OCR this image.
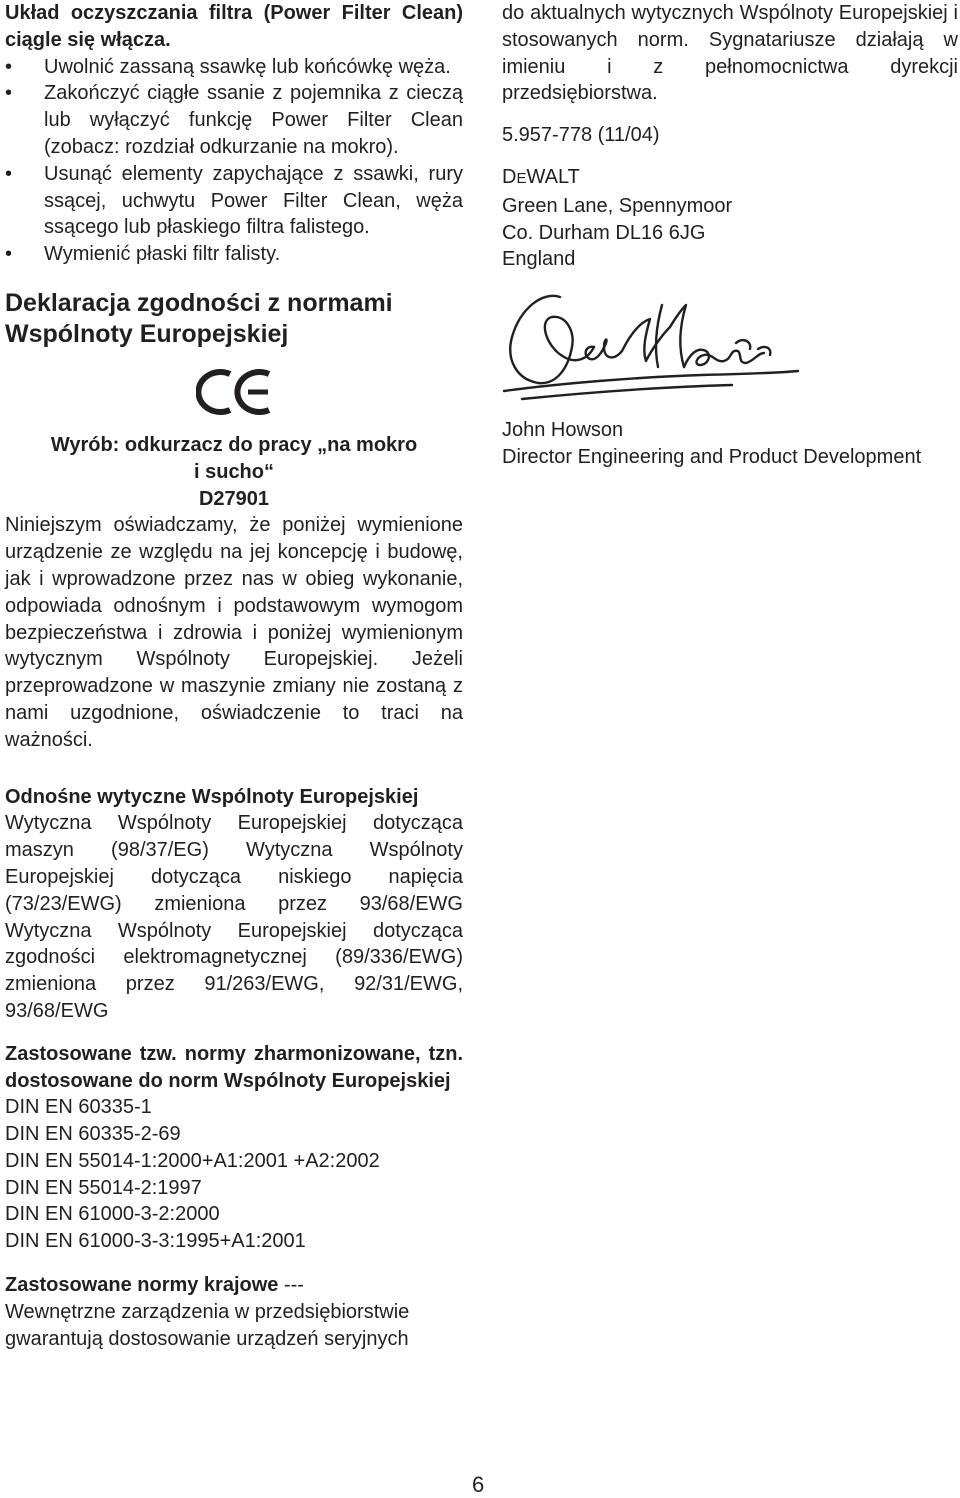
Układ oczyszczania filtra (Power Filter Clean) ciągle się włącza.

• Uwolnić zassaną ssawkę lub końcówkę węża.
• Zakończyć ciągłe ssanie z pojemnika z cieczą lub wyłączyć funkcję Power Filter Clean (zobacz: rozdział odkurzanie na mokro).
• Usunąć elementy zapychające z ssawki, rury ssącej, uchwytu Power Filter Clean, węża ssącego lub płaskiego filtra falistego.
• Wymienić płaski filtr falisty.
Deklaracja zgodności z normami Wspólnoty Europejskiej
Wyrób: odkurzacz do pracy „na mokro
i sucho“
D27901

Niniejszym oświadczamy, że poniżej wymienione urządzenie ze względu na jej koncepcję i budowę, jak i wprowadzone przez nas w obieg wykonanie, odpowiada odnośnym i podstawowym wymogom bezpieczeństwa i zdrowia i poniżej wymienionym wytycznym Wspólnoty Europejskiej. Jeżeli przeprowadzone w maszynie zmiany nie zostaną z nami uzgodnione, oświadczenie to traci na ważności.

Odnośne wytyczne Wspólnoty Europejskiej

Wytyczna Wspólnoty Europejskiej dotycząca maszyn (98/37/EG) Wytyczna Wspólnoty Europejskiej dotycząca niskiego napięcia (73/23/EWG) zmieniona przez 93/68/EWG Wytyczna Wspólnoty Europejskiej dotycząca zgodności elektromagnetycznej (89/336/EWG) zmieniona przez 91/263/EWG, 92/31/EWG, 93/68/EWG

Zastosowane tzw. normy zharmonizowane, tzn. dostosowane do norm Wspólnoty Europejskiej

DIN EN 60335-1
DIN EN 60335-2-69
DIN EN 55014-1:2000+A1:2001 +A2:2002
DIN EN 55014-2:1997
DIN EN 61000-3-2:2000
DIN EN 61000-3-3:1995+A1:2001

Zastosowane normy krajowe ---

Wewnętrzne zarządzenia w przedsiębiorstwie gwarantują dostosowanie urządzeń seryjnych

do aktualnych wytycznych Wspólnoty Europejskiej i stosowanych norm. Sygnatariusze działają w imieniu i z pełnomocnictwa dyrekcji przedsiębiorstwa.

5.957-778 (11/04)

DEWALT
Green Lane, Spennymoor
Co. Durham DL16 6JG
England
John Howson
Director Engineering and Product Development
6
